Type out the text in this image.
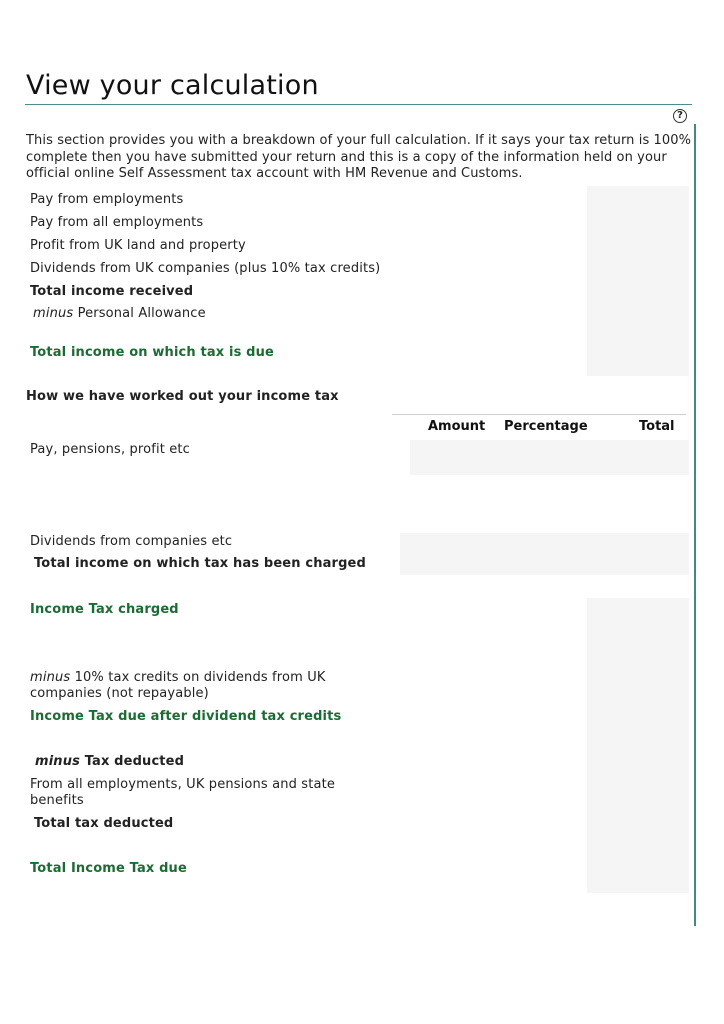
View your calculation
?
This section provides you with a breakdown of your full calculation. If it says your tax return is 100% complete then you have submitted your return and this is a copy of the information held on your official online Self Assessment tax account with HM Revenue and Customs.
Pay from employments
Pay from all employments
Profit from UK land and property
Dividends from UK companies (plus 10% tax credits)
Total income received
minus Personal Allowance
Total income on which tax is due
How we have worked out your income tax
Amount Percentage	Total
Pay, pensions, profit etc
Dividends from companies etc
Total income on which tax has been charged
Income Tax charged
minus 10% tax credits on dividends from UK companies (not repayable)
Income Tax due after dividend tax credits
minus Tax deducted
From all employments, UK pensions and state benefits
Total tax deducted
Total Income Tax due
